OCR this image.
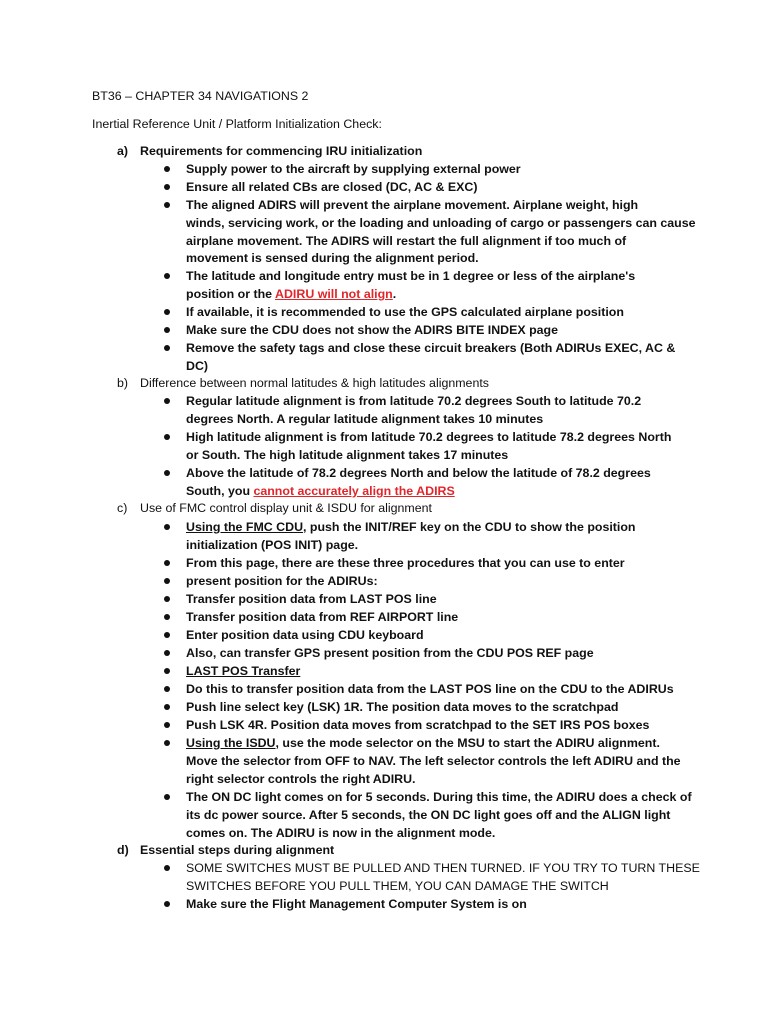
BT36 – CHAPTER 34 NAVIGATIONS 2
Inertial Reference Unit / Platform Initialization Check:
a) Requirements for commencing IRU initialization
Supply power to the aircraft by supplying external power
Ensure all related CBs are closed (DC, AC & EXC)
The aligned ADIRS will prevent the airplane movement. Airplane weight, high
winds, servicing work, or the loading and unloading of cargo or passengers can cause
airplane movement. The ADIRS will restart the full alignment if too much of
movement is sensed during the alignment period.
The latitude and longitude entry must be in 1 degree or less of the airplane's
position or the ADIRU will not align.
If available, it is recommended to use the GPS calculated airplane position
Make sure the CDU does not show the ADIRS BITE INDEX page
Remove the safety tags and close these circuit breakers (Both ADIRUs EXEC, AC &
DC)
b) Difference between normal latitudes & high latitudes alignments
Regular latitude alignment is from latitude 70.2 degrees South to latitude 70.2
degrees North. A regular latitude alignment takes 10 minutes
High latitude alignment is from latitude 70.2 degrees to latitude 78.2 degrees North
or South. The high latitude alignment takes 17 minutes
Above the latitude of 78.2 degrees North and below the latitude of 78.2 degrees
South, you cannot accurately align the ADIRS
c) Use of FMC control display unit & ISDU for alignment
Using the FMC CDU, push the INIT/REF key on the CDU to show the position
initialization (POS INIT) page.
From this page, there are these three procedures that you can use to enter
present position for the ADIRUs:
Transfer position data from LAST POS line
Transfer position data from REF AIRPORT line
Enter position data using CDU keyboard
Also, can transfer GPS present position from the CDU POS REF page
LAST POS Transfer
Do this to transfer position data from the LAST POS line on the CDU to the ADIRUs
Push line select key (LSK) 1R. The position data moves to the scratchpad
Push LSK 4R. Position data moves from scratchpad to the SET IRS POS boxes
Using the ISDU, use the mode selector on the MSU to start the ADIRU alignment.
Move the selector from OFF to NAV. The left selector controls the left ADIRU and the
right selector controls the right ADIRU.
The ON DC light comes on for 5 seconds. During this time, the ADIRU does a check of
its dc power source. After 5 seconds, the ON DC light goes off and the ALIGN light
comes on. The ADIRU is now in the alignment mode.
d) Essential steps during alignment
SOME SWITCHES MUST BE PULLED AND THEN TURNED. IF YOU TRY TO TURN THESE
SWITCHES BEFORE YOU PULL THEM, YOU CAN DAMAGE THE SWITCH
Make sure the Flight Management Computer System is on
